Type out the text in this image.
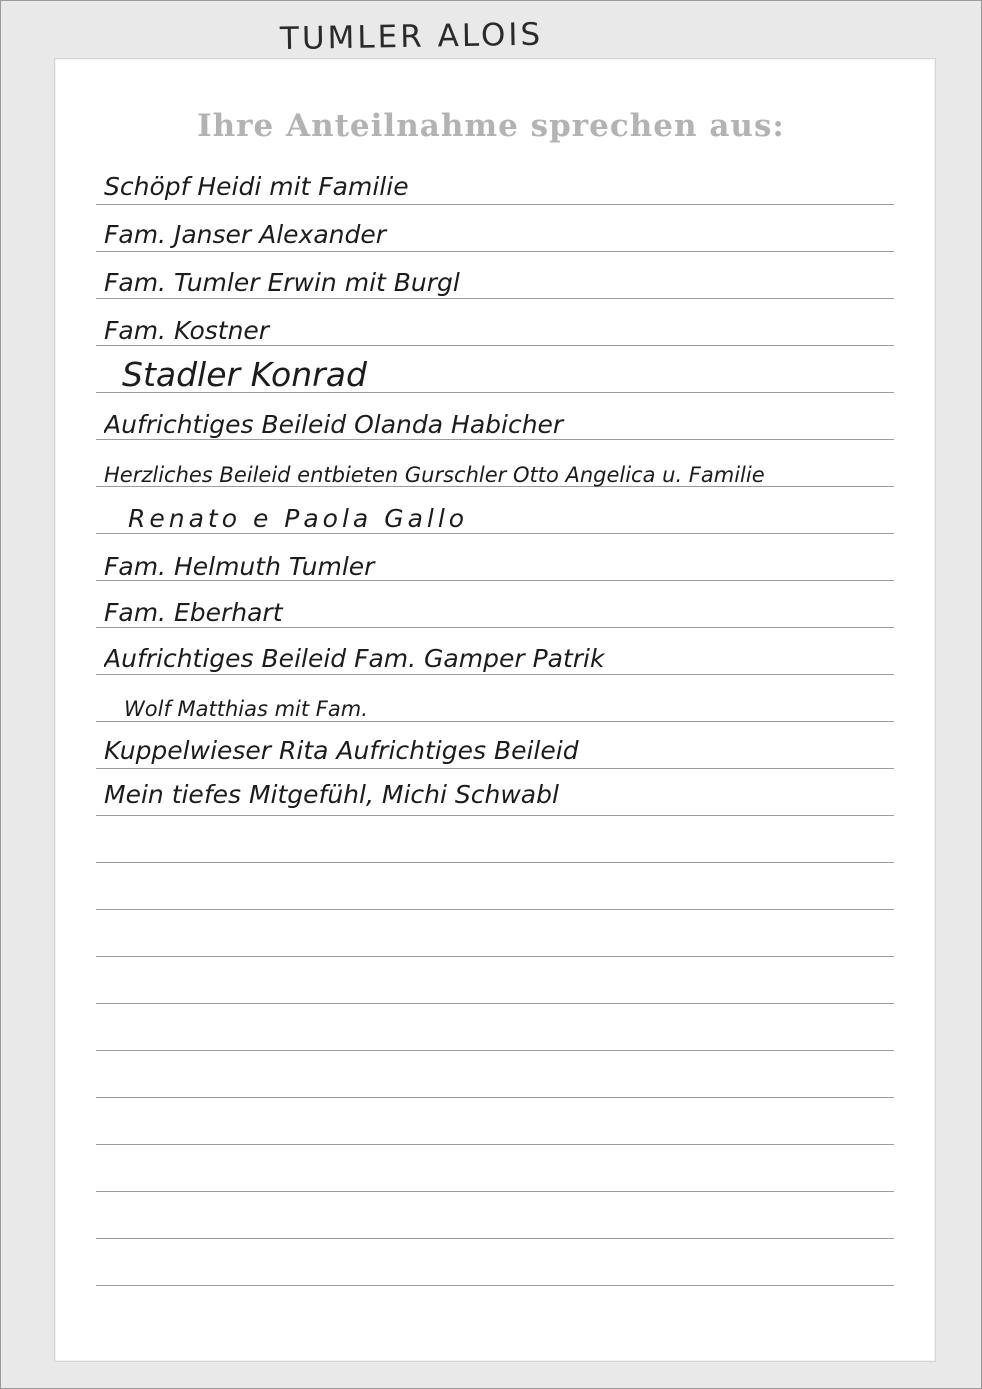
TUMLER ALOIS
Ihre Anteilnahme sprechen aus:
Schöpf Heidi mit Familie
Fam. Janser Alexander
Fam. Tumler Erwin mit Burgl
Fam. Kostner
Stadler Konrad
Aufrichtiges Beileid Olanda Habicher
Herzliches Beileid entbieten Gurschler Otto Angelica u. Familie
Renato e Paola Gallo
Fam. Helmuth Tumler
Fam. Eberhart
Aufrichtiges Beileid Fam. Gamper Patrik
Wolf Matthias mit Fam.
Kuppelwieser Rita Aufrichtiges Beileid
Mein tiefes Mitgefühl, Michi Schwabl
